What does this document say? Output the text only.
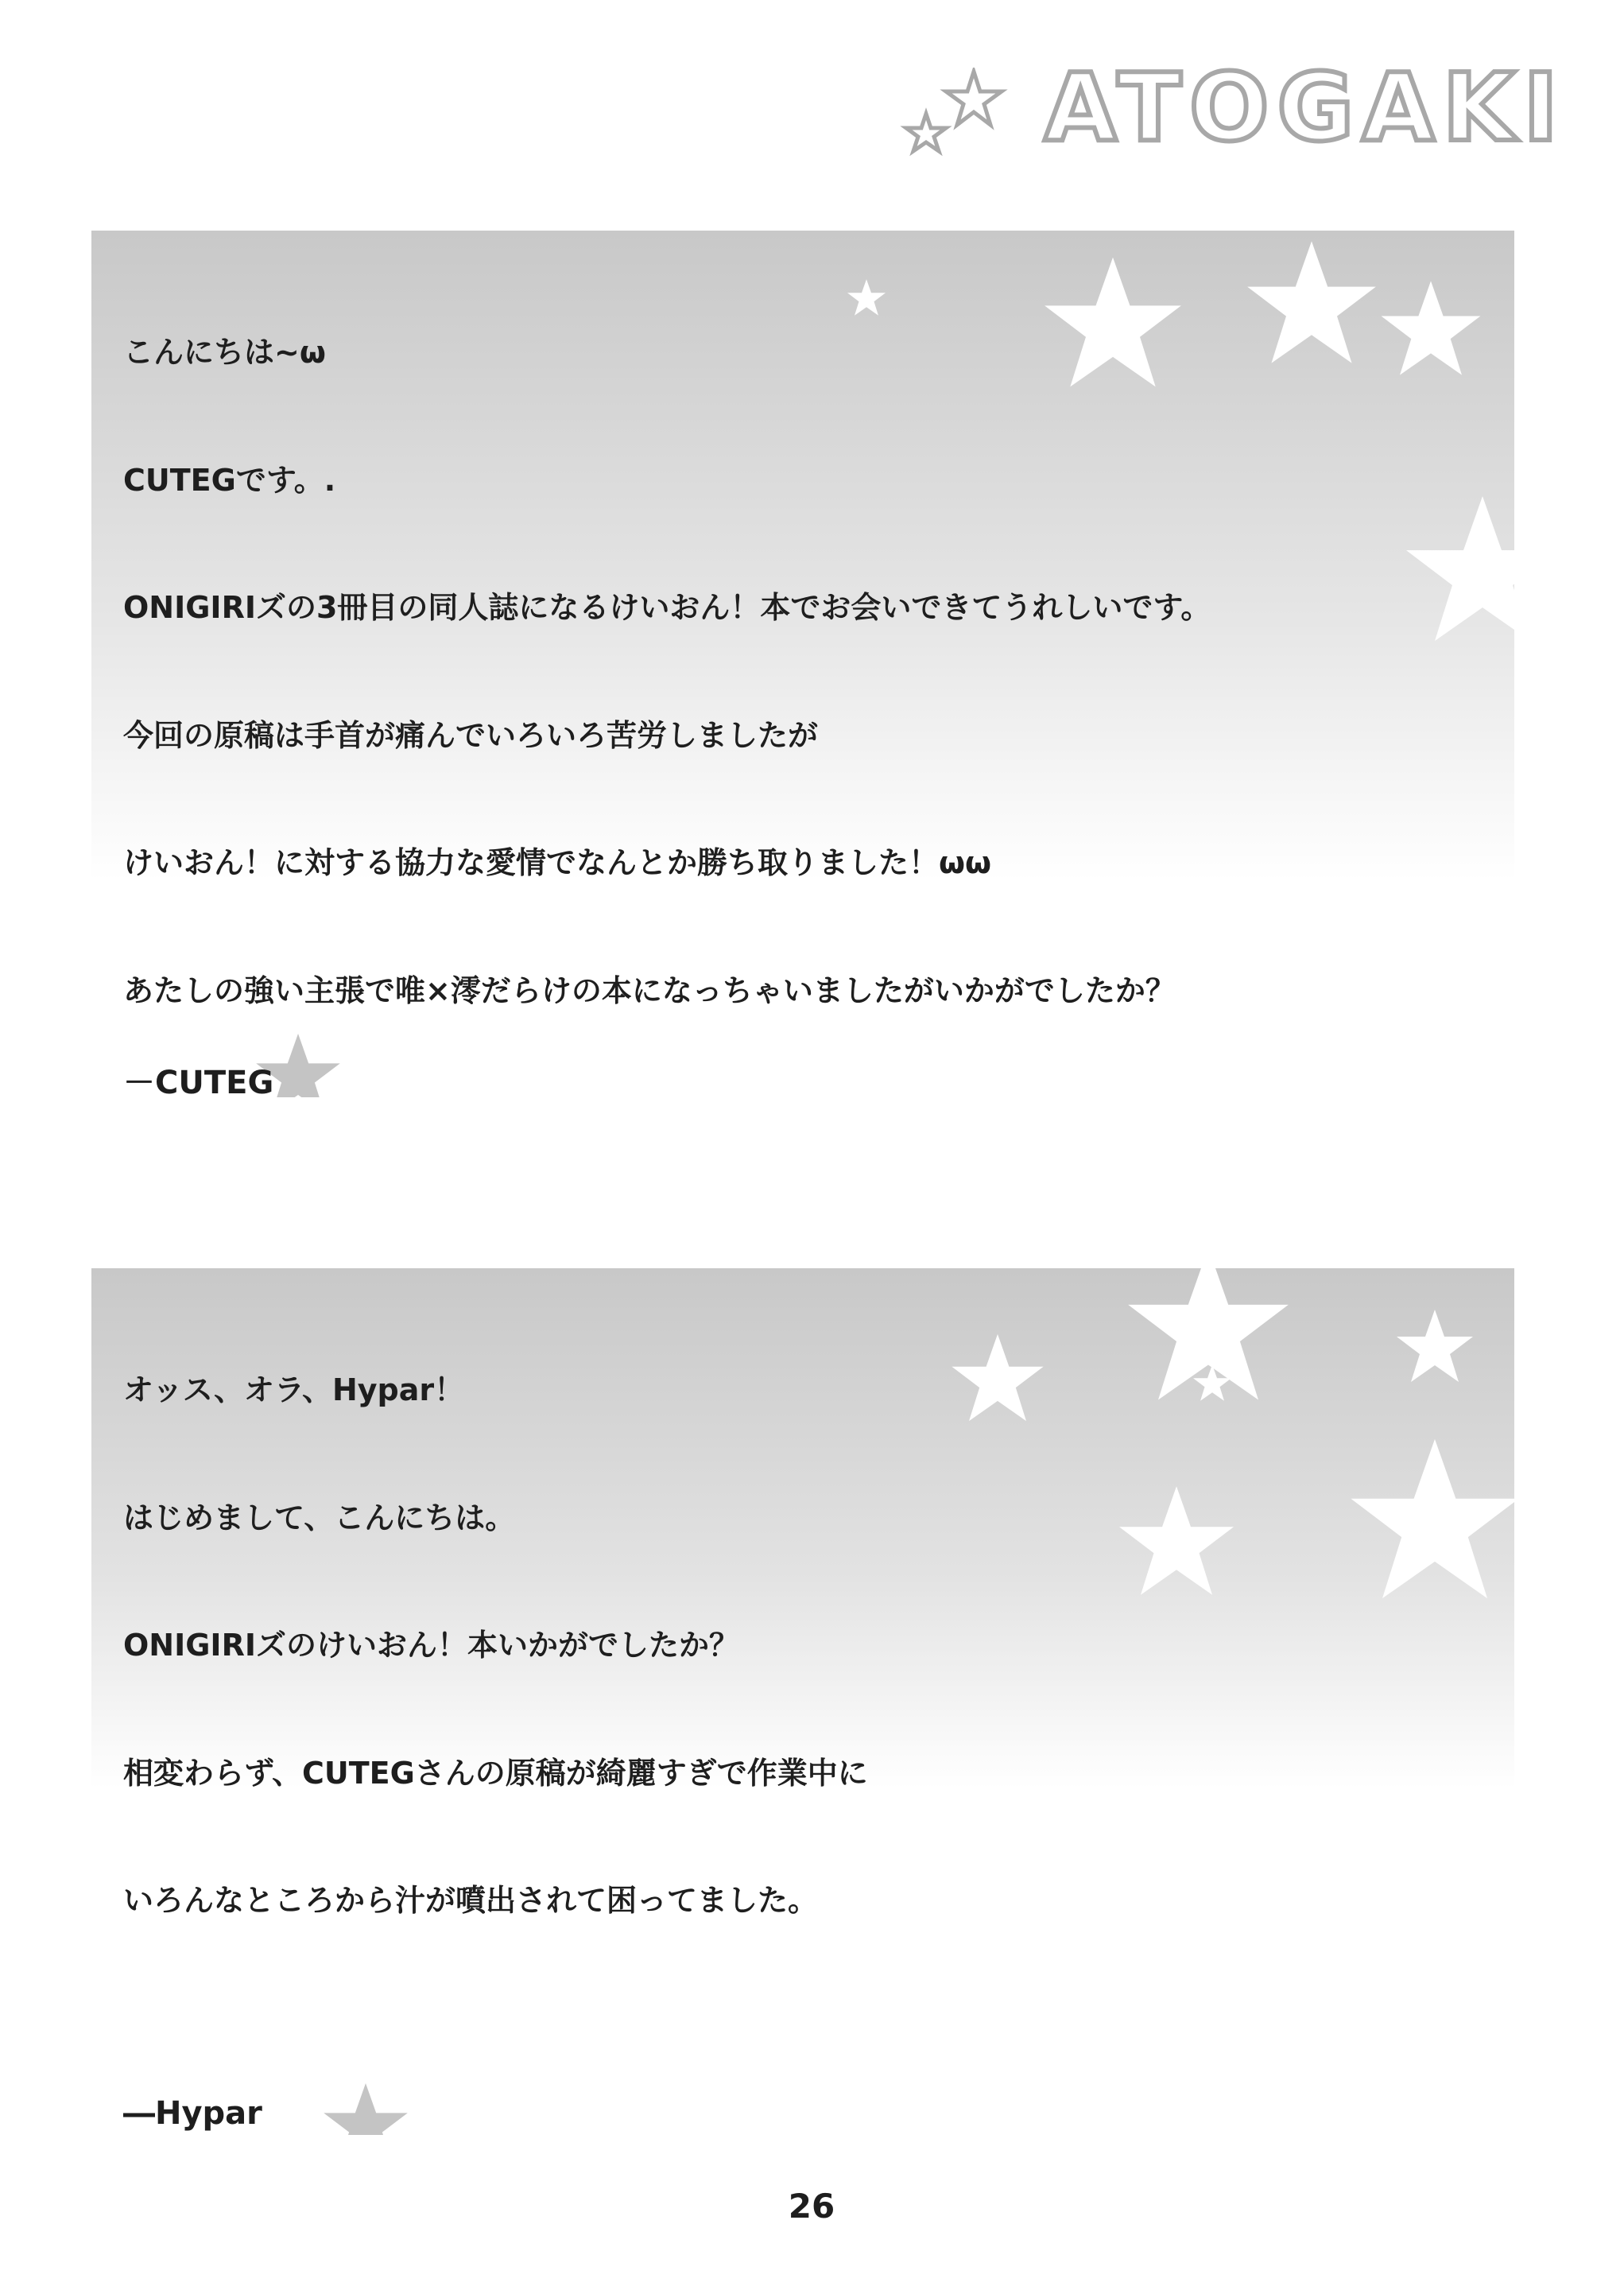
ATOGAKI

こんにちは~ω

CUTEGです。.

ONIGIRIズの3冊目の同人誌になるけいおん！本でお会いできてうれしいです。

今回の原稿は手首が痛んでいろいろ苦労しましたが

けいおん！に対する協力な愛情でなんとか勝ち取りました！ωω

あたしの強い主張で唯×澪だらけの本になっちゃいましたがいかがでしたか？

－CUTEG

オッス、オラ、Hypar！

はじめまして、こんにちは。

ONIGIRIズのけいおん！本いかがでしたか？

相変わらず、CUTEGさんの原稿が綺麗すぎで作業中に

いろんなところから汁が噴出されて困ってました。

―Hypar
26
